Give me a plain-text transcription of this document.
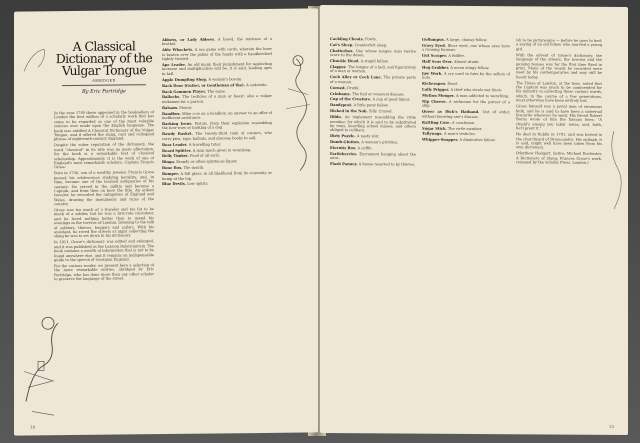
A Classical
Dictionary of the
Vulgar Tongue
ABRIDGED
By Eric Partridge

In the year 1785 there appeared in the booksellers of London the first edition of a scholarly work that has come to be regarded as one of the most valuable sources ever made upon the English language. The book was entitled A Classical Dictionary of the Vulgar Tongue, and it offered the slang, cant and colloquial phrase of eighteenth-century England.

Despite the sober reputation of the dictionary, the word "classical" in its title was no mere affectation, for the book is a remarkable feat of classical scholarship. Approximately, it is the work of one of England's most remarkable scholars, Captain Francis Grose.

Born in 1730, son of a wealthy jeweler, Francis Grose passed his adolescence studying heraldry, and, in time, became one of the learned antiquaries of his century. He served in the militia and became a Captain, and from then on bore the title. An ardent traveler, he recorded the antiquities of England and Wales, drawing the monuments and ruins of the country.

Grose was too much of a traveler and too fat to be much of a soldier, but he was a first-rate raconteur, and he loved nothing better than to spend his evenings in the taverns of London, listening to the talk of soldiers, thieves, beggars and sailors. With his assistant, he roved the streets at night collecting the slang he was to set down in his dictionary.

In 1811, Grose's dictionary was edited and enlarged, and it was published as the Lexicon Balatronicum. The book contains a wealth of information that is not to be found anywhere else, and it remains an indispensable guide to the speech of Georgian England.

For the curious reader, we present here a selection of the more remarkable entries, abridged by Eric Partridge, who has done more than any other scholar to preserve the language of the street.

Abbess, or Lady Abbess. A bawd, the mistress of a brothel.

Able Whackets. A sea game with cards, wherein the loser is beaten over the palms of the hands with a handkerchief tightly twisted.

Ape Leader. An old maid; their punishment for neglecting increase and multiplication will be, it is said, leading apes in hell.

Apple Dumpling Shop. A woman's bosom.

Back Door (Gutter, or Gentleman of the). A sodomite.

Back Gammon Player. The same.

Ballocks. The testicles of a man or beast; also a vulgar nickname for a parson.

Balsam. Money.

Bandbox. Mine a-se on a bandbox; an answer to an offer of inefficient assistance.

Barking Irons. Pistols, from their explosion resembling the bow-wow or barking of a dog.

Bawdy Basket. The twenty-third rank of canters, who carry pins, tape, ballads, and obscene books to sell.

Bear Leader. A travelling tutor.

Beard Splitter. A man much given to wenching.

Belly Timber. Food of all sorts.

Bingo. Brandy or other spirituous liquor.

Bone Box. The mouth.

Bumper. A full glass; in all likelihood from its convexity or bump at the top.

Blue Devils. Low spirits.

14

Cackling Cheats. Fowls.

Cat's Sleep. Counterfeit sleep.

Chatterbox. One whose tongue runs twelve score to the dozen.

Chuckle Head. A stupid fellow.

Clapper. The tongue of a bell, and figuratively of a man or woman.

Cock Alley or Cock Lane. The private parts of a woman.

Corned. Drunk.

Crinkums. The foul or venereal disease.

Cup of the Creature. A cup of good liquor.

Dandyprat. A little puny fellow.

Dicked in the Nob. Silly. Crazed.

Dildo. An implement resembling the virile member, for which it is said to be substituted by nuns, boarding school misses, and others obliged to celibacy.

Dirty Puzzle. A nasty slut.

Dumb-Glutton. A woman's privities.

Eternity Box. A coffin.

Fartleberries. Excrement hanging about the anus.

Flash Panney. A house resorted to by thieves.

Gollumpus. A large, clumsy fellow.

Gravy Eyed. Blear eyed, one whose eyes have a running humour.

Gut Scraper. A fiddler.

Half Seas Over. Almost drunk.

Hog Grubber. A mean stingy fellow.

Jaw Work. A cry used in fairs by the sellers of nuts.

Kickerapoo. Dead.

Lully Prigger. A thief who steals wet linen.

Mutton Monger. A man addicted to wenching.

Nip Cheese. A nickname for the purser of a ship.

Queer as Dick's Hatband. Out of order, without knowing one's disease.

Rattling Cove. A coachman.

Sugar Stick. The virile member.

Tallywags. A man's testicles.

Whipper-Snapper. A diminutive fellow.

ish to be picturesque — before he goes to bed; a saying of an old fellow who married a young girl.

With the advent of Grose's dictionary, the language of the streets, the taverns and the gaming houses was for the first time fixed in print. Many of the words he recorded were used by his contemporaries and may still be heard today.

The Times of London, at the time, noted that the Captain was much to be commended for his industry in collecting these curious words, which, in the course of a few generations, must otherwise have been entirely lost.

Grose himself was a jovial man of enormous bulk, and he is said to have been a universal favourite wherever he went. His friend Robert Burns wrote of him the famous lines: "A chield's amang you takin' notes, and, faith, he'll prent it."

He died in Dublin in 1791, and was buried in the churchyard of Drumcondra. His epitaph, it is said, might well have been taken from his own dictionary.

(Matthew Hodgart, Satire; Michael Rochester, A Dictionary of Slang; Frances Grose's work, reissued by the Scholar Press, London.)

15
